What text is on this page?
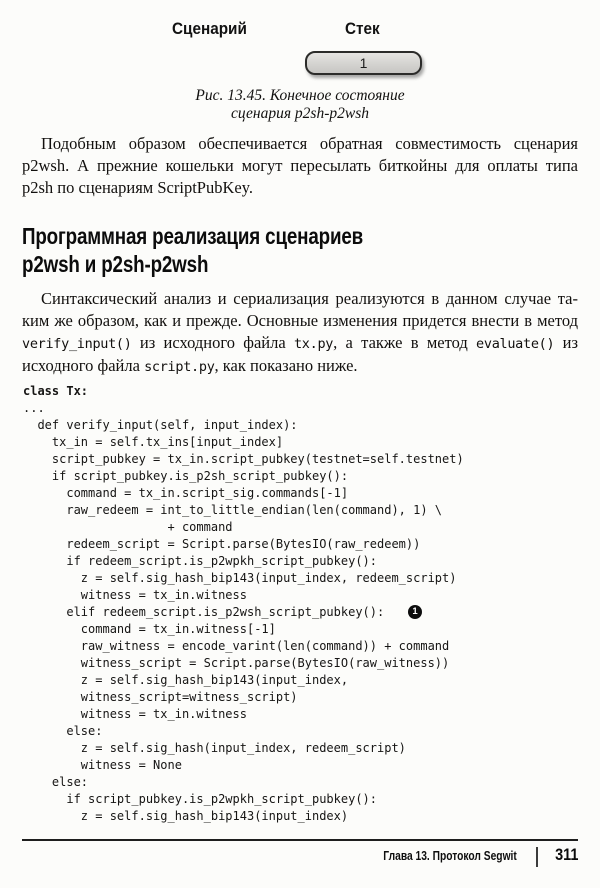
Сценарий	Стек
1
Рис. 13.45. Конечное состояние
сценария p2sh-p2wsh
Подобным образом обеспечивается обратная совместимость сценария
p2wsh. А прежние кошельки могут пересылать биткойны для оплаты типа
p2sh по сценариям ScriptPubKey.
Программная реализация сценариев
p2wsh и p2sh-p2wsh
Синтаксический анализ и сериализация реализуются в данном случае та-
ким же образом, как и прежде. Основные изменения придется внести в метод
verify_input() из исходного файла tx.py, а также в метод evaluate() из
исходного файла script.py, как показано ниже.
class Tx:
...
def verify_input(self, input_index):
tx_in = self.tx_ins[input_index]
script_pubkey = tx_in.script_pubkey(testnet=self.testnet)
if script_pubkey.is_p2sh_script_pubkey():
command = tx_in.script_sig.commands[-1]
raw_redeem = int_to_little_endian(len(command), 1) \
+ command
redeem_script = Script.parse(BytesIO(raw_redeem))
if redeem_script.is_p2wpkh_script_pubkey():
z = self.sig_hash_bip143(input_index, redeem_script)
witness = tx_in.witness
elif redeem_script.is_p2wsh_script_pubkey():	1
command = tx_in.witness[-1]
raw_witness = encode_varint(len(command)) + command
witness_script = Script.parse(BytesIO(raw_witness))
z = self.sig_hash_bip143(input_index,
witness_script=witness_script)
witness = tx_in.witness
else:
z = self.sig_hash(input_index, redeem_script)
witness = None
else:
if script_pubkey.is_p2wpkh_script_pubkey():
z = self.sig_hash_bip143(input_index)
Глава 13. Протокол Segwit 311
